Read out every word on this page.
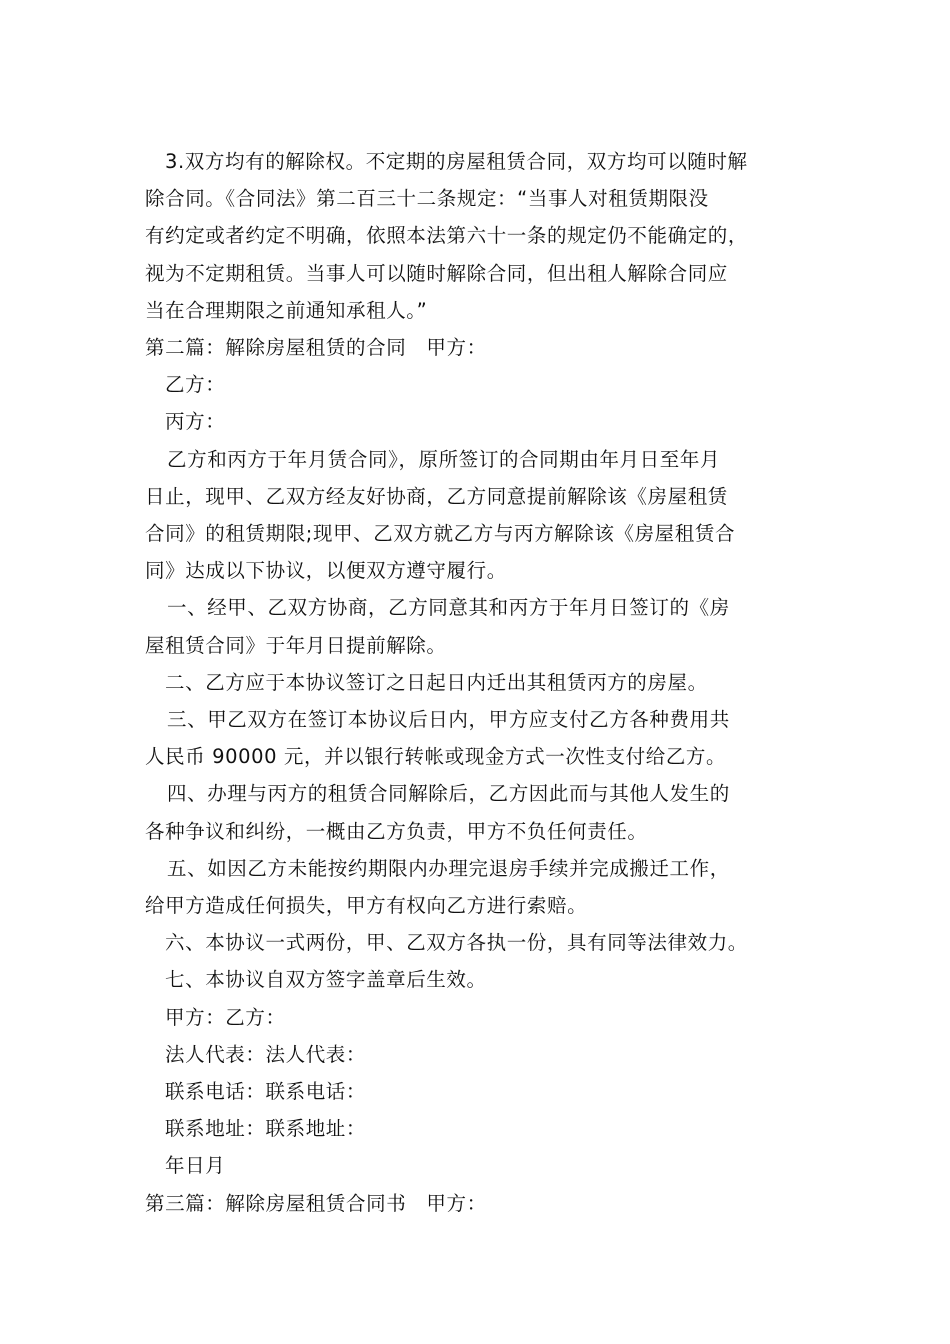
3.双方均有的解除权。不定期的房屋租赁合同，双方均可以随时解
除合同。《合同法》第二百三十二条规定：“当事人对租赁期限没
有约定或者约定不明确，依照本法第六十一条的规定仍不能确定的，
视为不定期租赁。当事人可以随时解除合同，但出租人解除合同应
当在合理期限之前通知承租人。”
第二篇：解除房屋租赁的合同　甲方：
乙方：
丙方：
乙方和丙方于年月赁合同》，原所签订的合同期由年月日至年月
日止，现甲、乙双方经友好协商，乙方同意提前解除该《房屋租赁
合同》的租赁期限;现甲、乙双方就乙方与丙方解除该《房屋租赁合
同》达成以下协议，以便双方遵守履行。
一、经甲、乙双方协商，乙方同意其和丙方于年月日签订的《房
屋租赁合同》于年月日提前解除。
二、乙方应于本协议签订之日起日内迁出其租赁丙方的房屋。
三、甲乙双方在签订本协议后日内，甲方应支付乙方各种费用共
人民币 90000 元，并以银行转帐或现金方式一次性支付给乙方。
四、办理与丙方的租赁合同解除后，乙方因此而与其他人发生的
各种争议和纠纷，一概由乙方负责，甲方不负任何责任。
五、如因乙方未能按约期限内办理完退房手续并完成搬迁工作，
给甲方造成任何损失，甲方有权向乙方进行索赔。
六、本协议一式两份，甲、乙双方各执一份，具有同等法律效力。
七、本协议自双方签字盖章后生效。
甲方：乙方：
法人代表：法人代表：
联系电话：联系电话：
联系地址：联系地址：
年日月
第三篇：解除房屋租赁合同书　甲方：
